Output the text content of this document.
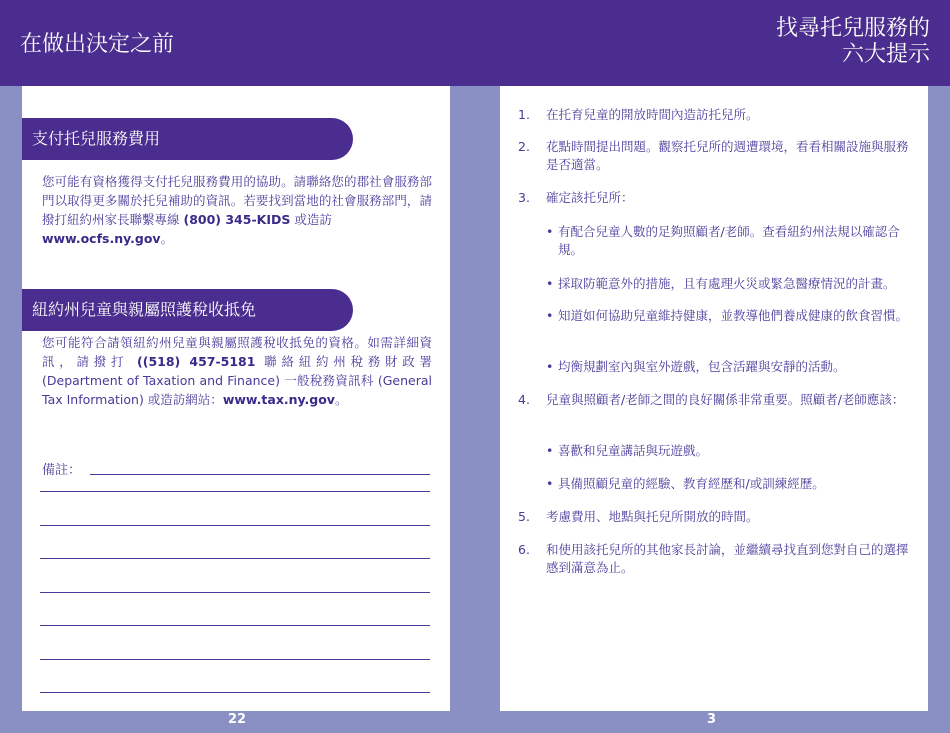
在做出決定之前
找尋托兒服務的
六大提示
支付托兒服務費用
您可能有資格獲得支付托兒服務費用的協助。請聯絡您的郡社會服務部門以取得更多關於托兒補助的資訊。若要找到當地的社會服務部門，請撥打紐約州家長聯繫專線 (800) 345-KIDS 或造訪
www.ocfs.ny.gov。
紐約州兒童與親屬照護稅收抵免
您可能符合請領紐約州兒童與親屬照護稅收抵免的資格。如需詳細資訊，請撥打 ((518) 457-5181 聯絡紐約州稅務財政署 (Department of Taxation and Finance) 一般稅務資訊科 (General Tax Information) 或造訪網站：www.tax.ny.gov。
備註：
22
1.	在托育兒童的開放時間內造訪托兒所。
2.	花點時間提出問題。觀察托兒所的週遭環境，看看相關設施與服務是否適當。
3.	確定該托兒所：
• 有配合兒童人數的足夠照顧者/老師。查看紐約州法規以確認合規。
• 採取防範意外的措施，且有處理火災或緊急醫療情況的計畫。
• 知道如何協助兒童維持健康，並教導他們養成健康的飲食習慣。
• 均衡規劃室內與室外遊戲，包含活躍與安靜的活動。
4.	兒童與照顧者/老師之間的良好關係非常重要。照顧者/老師應該：
• 喜歡和兒童講話與玩遊戲。
• 具備照顧兒童的經驗、教育經歷和/或訓練經歷。
5.	考慮費用、地點與托兒所開放的時間。
6.	和使用該托兒所的其他家長討論，並繼續尋找直到您對自己的選擇感到滿意為止。
3
